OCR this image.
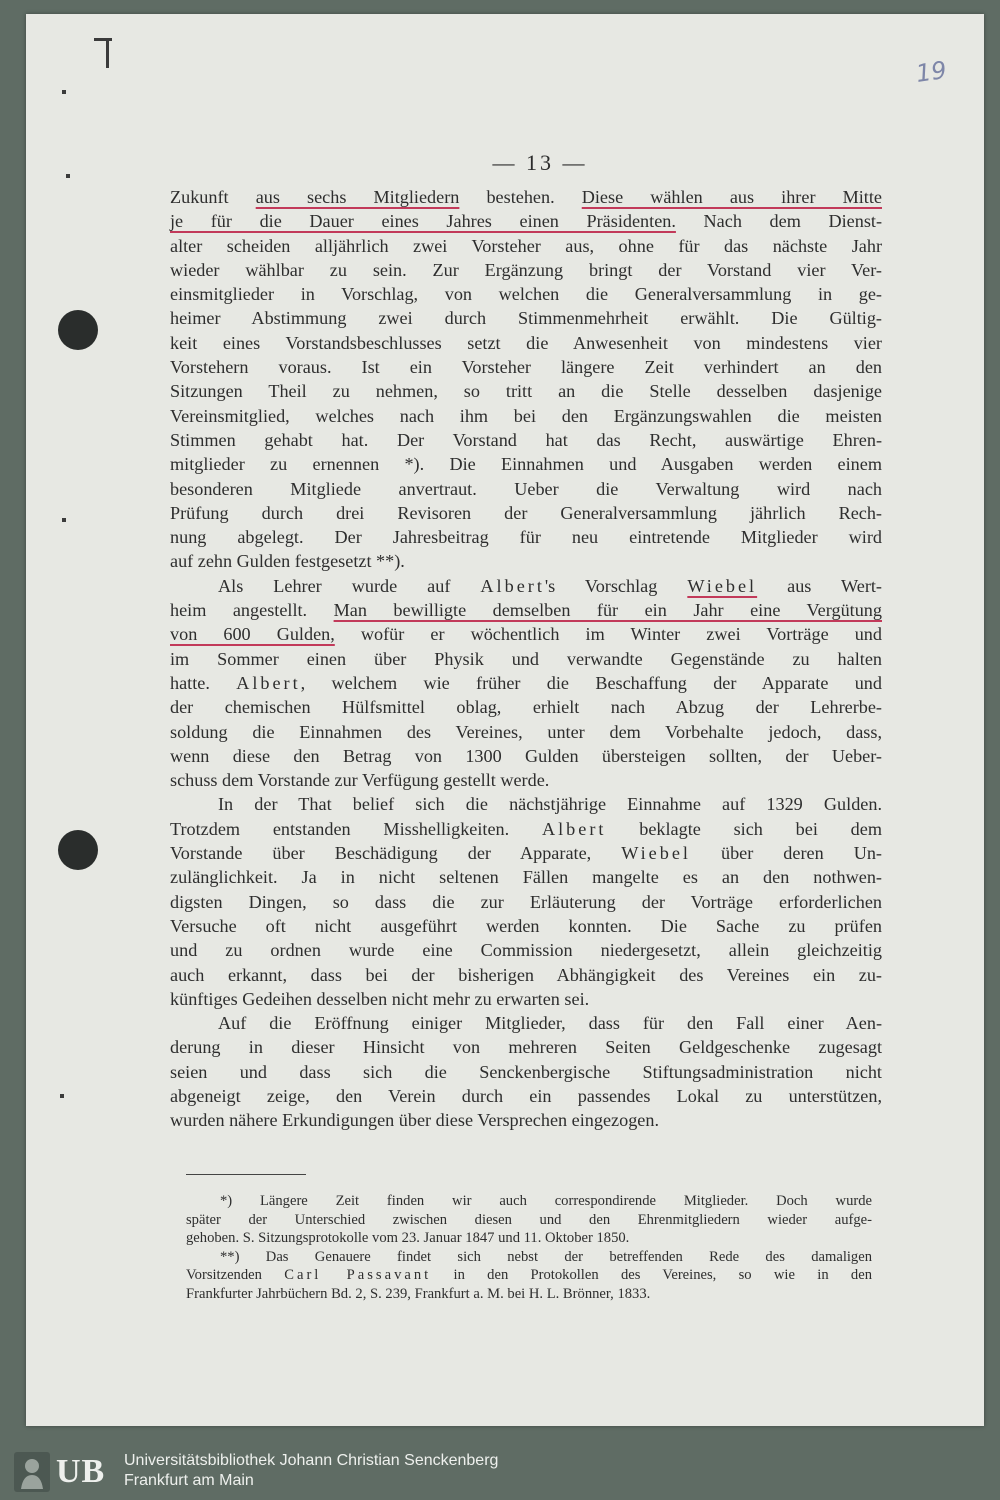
19
— 13 —
Zukunft aus sechs Mitgliedern bestehen. Diese wählen aus ihrer Mitte
je für die Dauer eines Jahres einen Präsidenten. Nach dem Dienst-
alter scheiden alljährlich zwei Vorsteher aus, ohne für das nächste Jahr
wieder wählbar zu sein. Zur Ergänzung bringt der Vorstand vier Ver-
einsmitglieder in Vorschlag, von welchen die Generalversammlung in ge-
heimer Abstimmung zwei durch Stimmenmehrheit erwählt. Die Gültig-
keit eines Vorstandsbeschlusses setzt die Anwesenheit von mindestens vier
Vorstehern voraus. Ist ein Vorsteher längere Zeit verhindert an den
Sitzungen Theil zu nehmen, so tritt an die Stelle desselben dasjenige
Vereinsmitglied, welches nach ihm bei den Ergänzungswahlen die meisten
Stimmen gehabt hat. Der Vorstand hat das Recht, auswärtige Ehren-
mitglieder zu ernennen *). Die Einnahmen und Ausgaben werden einem
besonderen Mitgliede anvertraut. Ueber die Verwaltung wird nach
Prüfung durch drei Revisoren der Generalversammlung jährlich Rech-
nung abgelegt. Der Jahresbeitrag für neu eintretende Mitglieder wird
auf zehn Gulden festgesetzt **).
Als Lehrer wurde auf Albert's Vorschlag Wiebel aus Wert-
heim angestellt. Man bewilligte demselben für ein Jahr eine Vergütung
von 600 Gulden, wofür er wöchentlich im Winter zwei Vorträge und
im Sommer einen über Physik und verwandte Gegenstände zu halten
hatte. Albert, welchem wie früher die Beschaffung der Apparate und
der chemischen Hülfsmittel oblag, erhielt nach Abzug der Lehrerbe-
soldung die Einnahmen des Vereines, unter dem Vorbehalte jedoch, dass,
wenn diese den Betrag von 1300 Gulden übersteigen sollten, der Ueber-
schuss dem Vorstande zur Verfügung gestellt werde.
In der That belief sich die nächstjährige Einnahme auf 1329 Gulden.
Trotzdem entstanden Misshelligkeiten. Albert beklagte sich bei dem
Vorstande über Beschädigung der Apparate, Wiebel über deren Un-
zulänglichkeit. Ja in nicht seltenen Fällen mangelte es an den nothwen-
digsten Dingen, so dass die zur Erläuterung der Vorträge erforderlichen
Versuche oft nicht ausgeführt werden konnten. Die Sache zu prüfen
und zu ordnen wurde eine Commission niedergesetzt, allein gleichzeitig
auch erkannt, dass bei der bisherigen Abhängigkeit des Vereines ein zu-
künftiges Gedeihen desselben nicht mehr zu erwarten sei.
Auf die Eröffnung einiger Mitglieder, dass für den Fall einer Aen-
derung in dieser Hinsicht von mehreren Seiten Geldgeschenke zugesagt
seien und dass sich die Senckenbergische Stiftungsadministration nicht
abgeneigt zeige, den Verein durch ein passendes Lokal zu unterstützen,
wurden nähere Erkundigungen über diese Versprechen eingezogen.
*) Längere Zeit finden wir auch correspondirende Mitglieder. Doch wurde
später der Unterschied zwischen diesen und den Ehrenmitgliedern wieder aufge-
gehoben. S. Sitzungsprotokolle vom 23. Januar 1847 und 11. Oktober 1850.
**) Das Genauere findet sich nebst der betreffenden Rede des damaligen
Vorsitzenden Carl Passavant in den Protokollen des Vereines, so wie in den
Frankfurter Jahrbüchern Bd. 2, S. 239, Frankfurt a. M. bei H. L. Brönner, 1833.
UB Universitätsbibliothek Johann Christian Senckenberg
Frankfurt am Main
